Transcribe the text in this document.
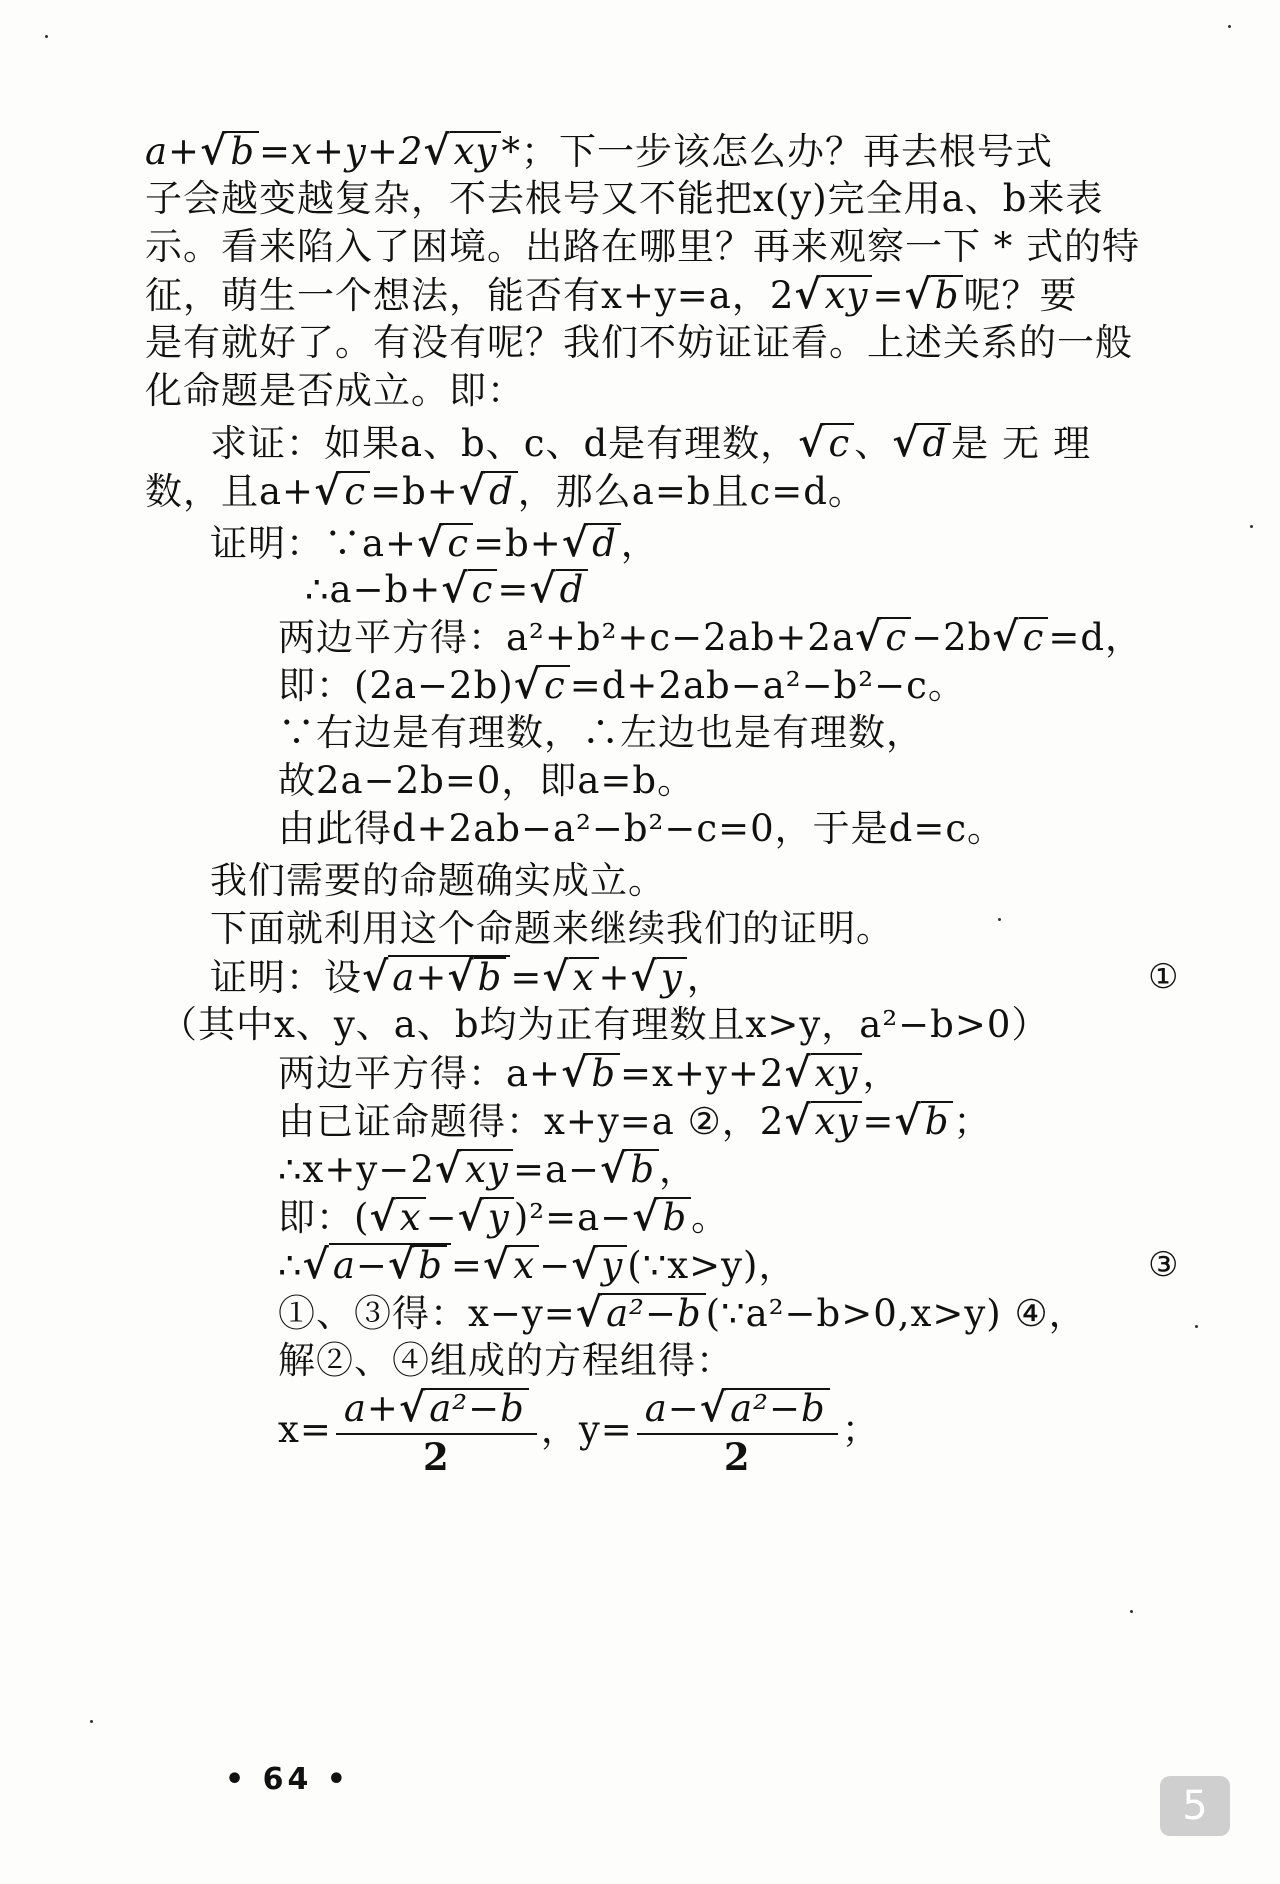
a+√b =x+y+2√xy *；下一步该怎么办？再去根号式
子会越变越复杂，不去根号又不能把x(y)完全用a、b来表
示。看来陷入了困境。出路在哪里？再来观察一下 * 式的特
征，萌生一个想法，能否有x+y=a，2√xy =√b 呢？要
是有就好了。有没有呢？我们不妨证证看。上述关系的一般
化命题是否成立。即：
求证：如果a、b、c、d是有理数，√c 、√d 是无理
数，且a+√c =b+√d ，那么a=b且c=d。
证明：∵a+√c =b+√d ，
∴a−b+√c =√d
两边平方得：a²+b²+c−2ab+2a√c −2b√c =d，
即：(2a−2b)√c =d+2ab−a²−b²−c。
∵右边是有理数，∴左边也是有理数，
故2a−2b=0，即a=b。
由此得d+2ab−a²−b²−c=0，于是d=c。
我们需要的命题确实成立。
下面就利用这个命题来继续我们的证明。
证明：设√a+√b =√x +√y ，	①
（其中x、y、a、b均为正有理数且x>y，a²−b>0）
两边平方得：a+√b =x+y+2√xy ，
由已证命题得：x+y=a ②，2√xy =√b ；
∴x+y−2√xy =a−√b ，
即：(√x −√y )²=a−√b 。
∴√a−√b =√x −√y (∵x>y)，	③
①、③得：x−y=√a²−b (∵a²−b>0,x>y) ④，
解②、④组成的方程组得：
$x= \frac{\text{a+√a²−b}}{2}$ ，$y= \frac{\text{a−√a²−b}}{2}$ ；
• 64 •
5
